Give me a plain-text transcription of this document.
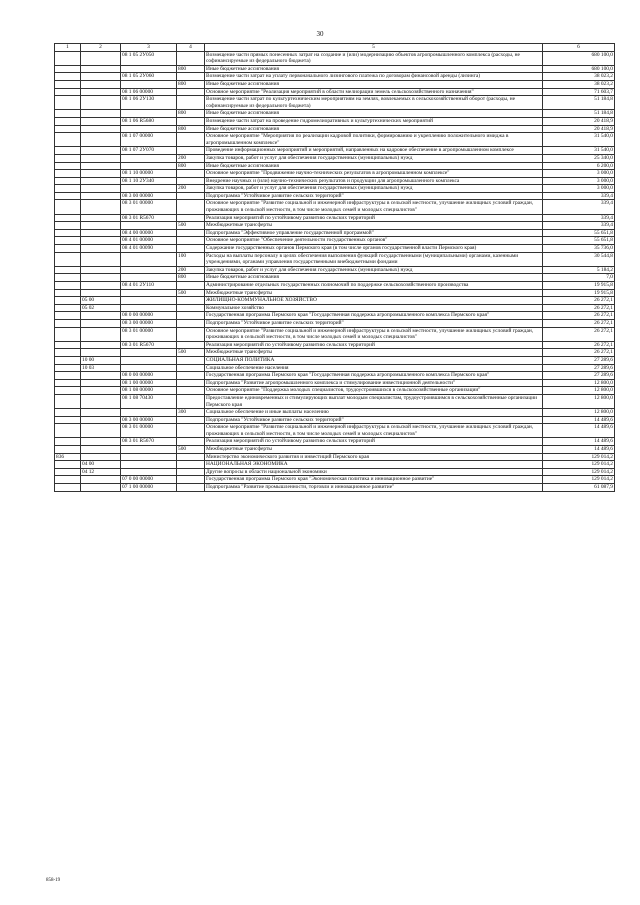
30
1	2	3	4	5	6
		08 1 05 2У050		Возмещение части прямых понесенных затрат на создание и (или) модернизацию объектов агропромышленного комплекса (расходы, не софинансируемые из федерального бюджета)	680 100,0
			800	Иные бюджетные ассигнования	680 100,0
		08 1 05 2У060		Возмещение части затрат на уплату первоначального лизингового платежа по договорам финансовой аренды (лизинга)	38 023,2
			800	Иные бюджетные ассигнования	38 023,2
		08 1 06 00000		Основное мероприятие "Реализация мероприятий в области мелиорации земель сельскохозяйственного назначения"	71 603,7
		08 1 06 2У130		Возмещение части затрат по культуртехническим мероприятиям на землях, вовлекаемых в сельскохозяйственный оборот (расходы, не софинансируемые из федерального бюджета)	51 184,8
			800	Иные бюджетные ассигнования	51 184,8
		08 1 06 R5680		Возмещение части затрат на проведение гидромелиоративных и культуртехнических мероприятий	20 418,9
			800	Иные бюджетные ассигнования	20 418,9
		08 1 07 00000		Основное мероприятие "Мероприятия по реализации кадровой политики, формированию и укреплению положительного имиджа в агропромышленном комплексе"	31 540,0
		08 1 07 2У070		Проведение информационных мероприятий и мероприятий, направленных на кадровое обеспечение в агропромышленном комплексе	31 540,0
			200	Закупка товаров, работ и услуг для обеспечения государственных (муниципальных) нужд	25 340,0
			800	Иные бюджетные ассигнования	6 200,0
		08 1 10 00000		Основное мероприятие "Продвижение научно-технических результатов в агропромышленном комплексе"	3 000,0
		08 1 10 2У340		Внедрение научных и (или) научно-технических результатов и продукции для агропромышленного комплекса	3 000,0
			200	Закупка товаров, работ и услуг для обеспечения государственных (муниципальных) нужд	3 000,0
		08 3 00 00000		Подпрограмма "Устойчивое развитие сельских территорий"	339,4
		08 3 01 00000		Основное мероприятие "Развитие социальной и инженерной инфраструктуры в сельской местности, улучшение жилищных условий граждан, проживающих в сельской местности, в том числе молодых семей и молодых специалистов"	339,4
		08 3 01 R5670		Реализация мероприятий по устойчивому развитию сельских территорий	339,4
			500	Межбюджетные трансферты	339,4
		08 4 00 00000		Подпрограмма "Эффективное управление государственной программой"	55 651,8
		08 4 01 00000		Основное мероприятие "Обеспечение деятельности государственных органов"	55 651,8
		08 4 01 00090		Содержание государственных органов Пермского края (в том числе органов государственной власти Пермского края)	35 736,0
			100	Расходы на выплаты персоналу в целях обеспечения выполнения функций государственными (муниципальными) органами, казенными учреждениями, органами управления государственными внебюджетными фондами	30 544,8
			200	Закупка товаров, работ и услуг для обеспечения государственных (муниципальных) нужд	5 184,2
			800	Иные бюджетные ассигнования	7,0
		08 4 01 2У110		Администрирование отдельных государственных полномочий по поддержке сельскохозяйственного производства	19 915,8
			500	Межбюджетные трансферты	19 915,8
	05 00			ЖИЛИЩНО-КОММУНАЛЬНОЕ ХОЗЯЙСТВО	26 272,1
	05 02			Коммунальное хозяйство	26 272,1
		08 0 00 00000		Государственная программа Пермского края "Государственная поддержка агропромышленного комплекса Пермского края"	26 272,1
		08 3 00 00000		Подпрограмма "Устойчивое развитие сельских территорий"	26 272,1
		08 3 01 00000		Основное мероприятие "Развитие социальной и инженерной инфраструктуры в сельской местности, улучшение жилищных условий граждан, проживающих в сельской местности, в том числе молодых семей и молодых специалистов"	26 272,1
		08 3 01 R5670		Реализация мероприятий по устойчивому развитию сельских территорий	26 272,1
			500	Межбюджетные трансферты	26 272,1
	10 00			СОЦИАЛЬНАЯ ПОЛИТИКА	27 289,6
	10 03			Социальное обеспечение населения	27 289,6
		08 0 00 00000		Государственная программа Пермского края "Государственная поддержка агропромышленного комплекса Пермского края"	27 289,6
		08 1 00 00000		Подпрограмма "Развитие агропромышленного комплекса и стимулирование инвестиционной деятельности"	12 800,0
		08 1 08 00000		Основное мероприятие "Поддержка молодых специалистов, трудоустроившихся в сельскохозяйственные организации"	12 800,0
		08 1 08 70430		Предоставление единовременных и стимулирующих выплат молодым специалистам, трудоустроившимся в сельскохозяйственные организации Пермского края	12 800,0
			300	Социальное обеспечение и иные выплаты населению	12 800,0
		08 3 00 00000		Подпрограмма "Устойчивое развитие сельских территорий"	14 489,6
		08 3 01 00000		Основное мероприятие "Развитие социальной и инженерной инфраструктуры в сельской местности, улучшение жилищных условий граждан, проживающих в сельской местности, в том числе молодых семей и молодых специалистов"	14 489,6
		08 3 01 R5670		Реализация мероприятий по устойчивому развитию сельских территорий	14 489,6
			500	Межбюджетные трансферты	14 489,6
836				Министерство экономического развития и инвестиций Пермского края	129 014,2
	04 00			НАЦИОНАЛЬНАЯ ЭКОНОМИКА	129 014,2
	04 12			Другие вопросы в области национальной экономики	129 014,2
		07 0 00 00000		Государственная программа Пермского края "Экономическая политика и инновационное развитие"	129 014,2
		07 1 00 00000		Подпрограмма "Развитие промышленности, торговли и инновационное развитие"	61 087,9
858-19
